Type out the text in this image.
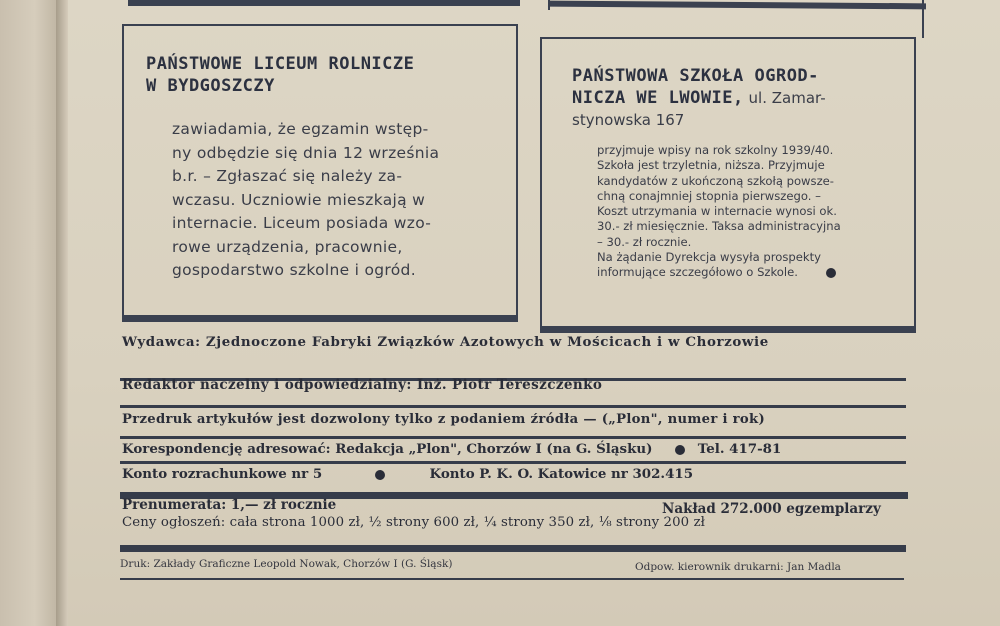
PAŃSTWOWE LICEUM ROLNICZE
W BYDGOSZCZY
zawiadamia, że egzamin wstęp-
ny odbędzie się dnia 12 września
b.r. – Zgłaszać się należy za-
wczasu. Uczniowie mieszkają w
internacie. Liceum posiada wzo-
rowe urządzenia, pracownie,
gospodarstwo szkolne i ogród.
PAŃSTWOWA SZKOŁA OGROD-
NICZA WE LWOWIE, ul. Zamar-
stynowska 167
przyjmuje wpisy na rok szkolny 1939/40.
Szkoła jest trzyletnia, niższa. Przyjmuje
kandydatów z ukończoną szkołą powsze-
chną conajmniej stopnia pierwszego. –
Koszt utrzymania w internacie wynosi ok.
30.- zł miesięcznie. Taksa administracyjna
– 30.- zł rocznie.
Na żądanie Dyrekcja wysyła prospekty
informujące szczegółowo o Szkole.
Wydawca: Zjednoczone Fabryki Związków Azotowych w Mościcach i w Chorzowie
Redaktor naczelny i odpowiedzialny: Inż. Piotr Tereszczenko
Przedruk artykułów jest dozwolony tylko z podaniem źródła — („Plon", numer i rok)
Korespondencję adresować: Redakcja „Plon", Chorzów I (na G. Śląsku)	Tel. 417-81
Konto rozrachunkowe nr 5	Konto P. K. O. Katowice nr 302.415
Prenumerata: 1,— zł rocznie	Nakład 272.000 egzemplarzy
Ceny ogłoszeń: cała strona 1000 zł, ½ strony 600 zł, ¼ strony 350 zł, ⅛ strony 200 zł
Druk: Zakłady Graficzne Leopold Nowak, Chorzów I (G. Śląsk)	Odpow. kierownik drukarni: Jan Madla
